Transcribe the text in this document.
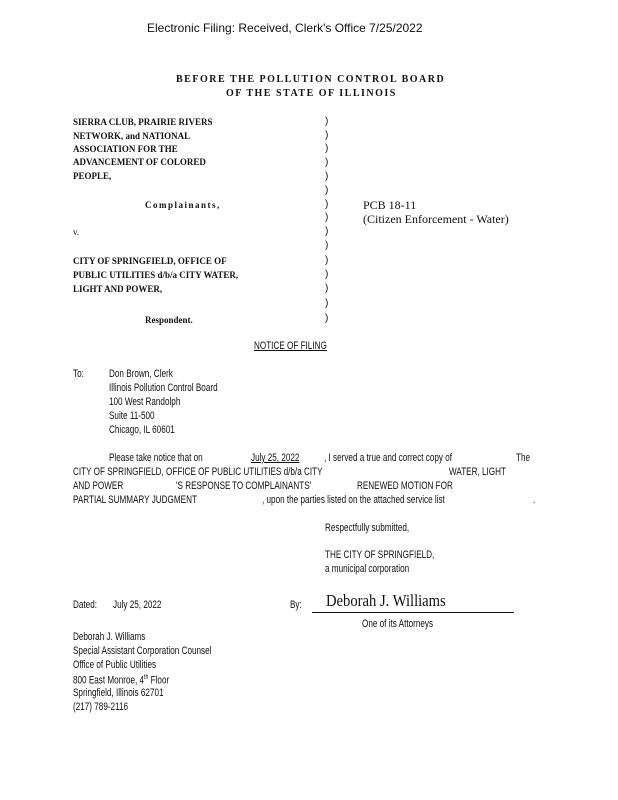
Electronic Filing: Received, Clerk's Office 7/25/2022
BEFORE THE POLLUTION CONTROL BOARD
OF THE STATE OF ILLINOIS
SIERRA CLUB, PRAIRIE RIVERS
NETWORK, and NATIONAL
ASSOCIATION FOR THE
ADVANCEMENT OF COLORED
PEOPLE,
Complainants,
v.
CITY OF SPRINGFIELD, OFFICE OF
PUBLIC UTILITIES d/b/a CITY WATER,
LIGHT AND POWER,
Respondent.
)
)
)
)
)
)
)
)
)
)
)
)
)
)
)
PCB 18-11
(Citizen Enforcement - Water)
NOTICE OF FILING
To: Don Brown, Clerk
Illinois Pollution Control Board
100 West Randolph
Suite 11-500
Chicago, IL 60601
Please take notice that on	July 25, 2022 , I served a true and correct copy of	The
CITY OF SPRINGFIELD, OFFICE OF PUBLIC UTILITIES d/b/a CITY	WATER, LIGHT
AND POWER	'S RESPONSE TO COMPLAINANTS'	RENEWED MOTION FOR
PARTIAL SUMMARY JUDGMENT	, upon the parties listed on the attached service list	.
Respectfully submitted,
THE CITY OF SPRINGFIELD,
a municipal corporation
Dated: July 25, 2022	By: Deborah J. Williams
One of its Attorneys
Deborah J. Williams
Special Assistant Corporation Counsel
Office of Public Utilities
800 East Monroe, 4th Floor
Springfield, Illinois 62701
(217) 789-2116
